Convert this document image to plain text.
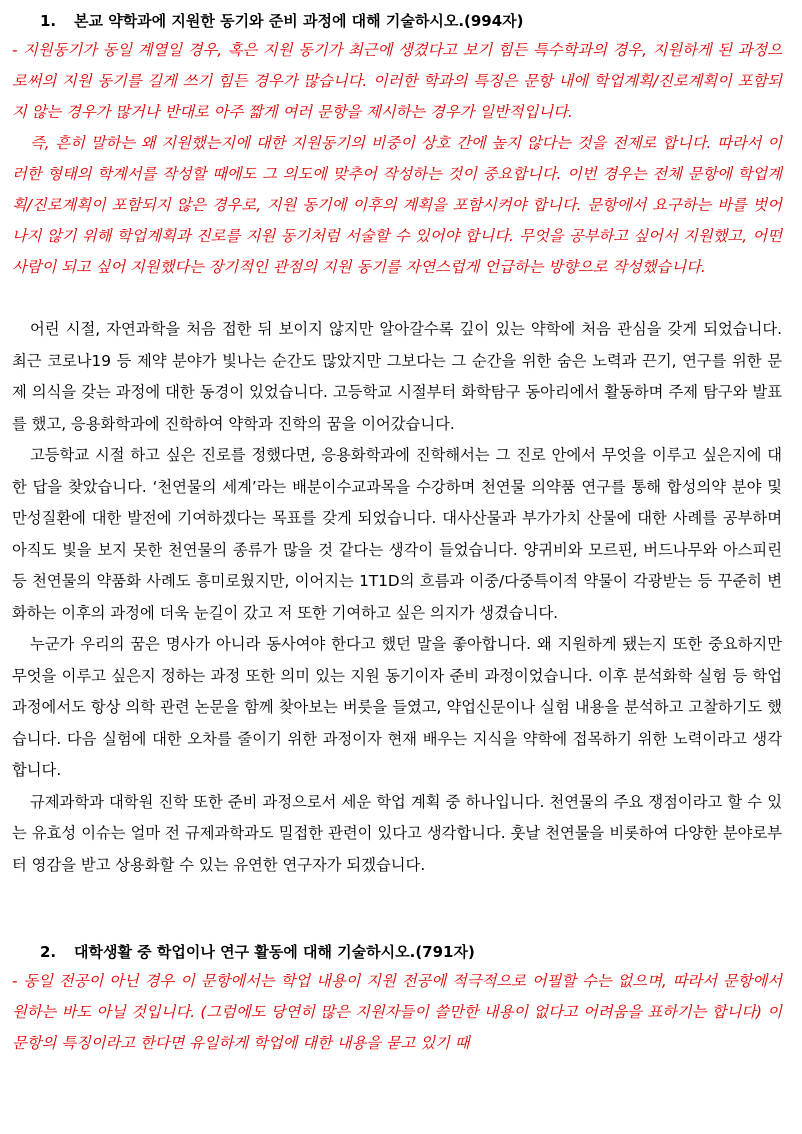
1. 본교 약학과에 지원한 동기와 준비 과정에 대해 기술하시오.(994자)

- 지원동기가 동일 계열일 경우, 혹은 지원 동기가 최근에 생겼다고 보기 힘든 특수학과의 경우, 지원하게 된 과정으로써의 지원 동기를 길게 쓰기 힘든 경우가 많습니다. 이러한 학과의 특징은 문항 내에 학업계획/진로계획이 포함되지 않는 경우가 많거나 반대로 아주 짧게 여러 문항을 제시하는 경우가 일반적입니다.

즉, 흔히 말하는 왜 지원했는지에 대한 지원동기의 비중이 상호 간에 높지 않다는 것을 전제로 합니다. 따라서 이러한 형태의 학계서를 작성할 때에도 그 의도에 맞추어 작성하는 것이 중요합니다. 이번 경우는 전체 문항에 학업계획/진로계획이 포함되지 않은 경우로, 지원 동기에 이후의 계획을 포함시켜야 합니다. 문항에서 요구하는 바를 벗어나지 않기 위해 학업계획과 진로를 지원 동기처럼 서술할 수 있어야 합니다. 무엇을 공부하고 싶어서 지원했고, 어떤 사람이 되고 싶어 지원했다는 장기적인 관점의 지원 동기를 자연스럽게 언급하는 방향으로 작성했습니다.

어린 시절, 자연과학을 처음 접한 뒤 보이지 않지만 알아갈수록 깊이 있는 약학에 처음 관심을 갖게 되었습니다. 최근 코로나19 등 제약 분야가 빛나는 순간도 많았지만 그보다는 그 순간을 위한 숨은 노력과 끈기, 연구를 위한 문제 의식을 갖는 과정에 대한 동경이 있었습니다. 고등학교 시절부터 화학탐구 동아리에서 활동하며 주제 탐구와 발표를 했고, 응용화학과에 진학하여 약학과 진학의 꿈을 이어갔습니다.

고등학교 시절 하고 싶은 진로를 정했다면, 응용화학과에 진학해서는 그 진로 안에서 무엇을 이루고 싶은지에 대한 답을 찾았습니다. ‘천연물의 세계’라는 배분이수교과목을 수강하며 천연물 의약품 연구를 통해 합성의약 분야 및 만성질환에 대한 발전에 기여하겠다는 목표를 갖게 되었습니다. 대사산물과 부가가치 산물에 대한 사례를 공부하며 아직도 빛을 보지 못한 천연물의 종류가 많을 것 같다는 생각이 들었습니다. 양귀비와 모르핀, 버드나무와 아스피린 등 천연물의 약품화 사례도 흥미로웠지만, 이어지는 1T1D의 흐름과 이중/다중특이적 약물이 각광받는 등 꾸준히 변화하는 이후의 과정에 더욱 눈길이 갔고 저 또한 기여하고 싶은 의지가 생겼습니다.

누군가 우리의 꿈은 명사가 아니라 동사여야 한다고 했던 말을 좋아합니다. 왜 지원하게 됐는지 또한 중요하지만 무엇을 이루고 싶은지 정하는 과정 또한 의미 있는 지원 동기이자 준비 과정이었습니다. 이후 분석화학 실험 등 학업 과정에서도 항상 의학 관련 논문을 함께 찾아보는 버릇을 들였고, 약업신문이나 실험 내용을 분석하고 고찰하기도 했습니다. 다음 실험에 대한 오차를 줄이기 위한 과정이자 현재 배우는 지식을 약학에 접목하기 위한 노력이라고 생각합니다.

규제과학과 대학원 진학 또한 준비 과정으로서 세운 학업 계획 중 하나입니다. 천연물의 주요 쟁점이라고 할 수 있는 유효성 이슈는 얼마 전 규제과학과도 밀접한 관련이 있다고 생각합니다. 훗날 천연물을 비롯하여 다양한 분야로부터 영감을 받고 상용화할 수 있는 유연한 연구자가 되겠습니다.

2. 대학생활 중 학업이나 연구 활동에 대해 기술하시오.(791자)

- 동일 전공이 아닌 경우 이 문항에서는 학업 내용이 지원 전공에 적극적으로 어필할 수는 없으며, 따라서 문항에서 원하는 바도 아닐 것입니다. (그럼에도 당연히 많은 지원자들이 쓸만한 내용이 없다고 어려움을 표하기는 합니다) 이 문항의 특징이라고 한다면 유일하게 학업에 대한 내용을 묻고 있기 때
